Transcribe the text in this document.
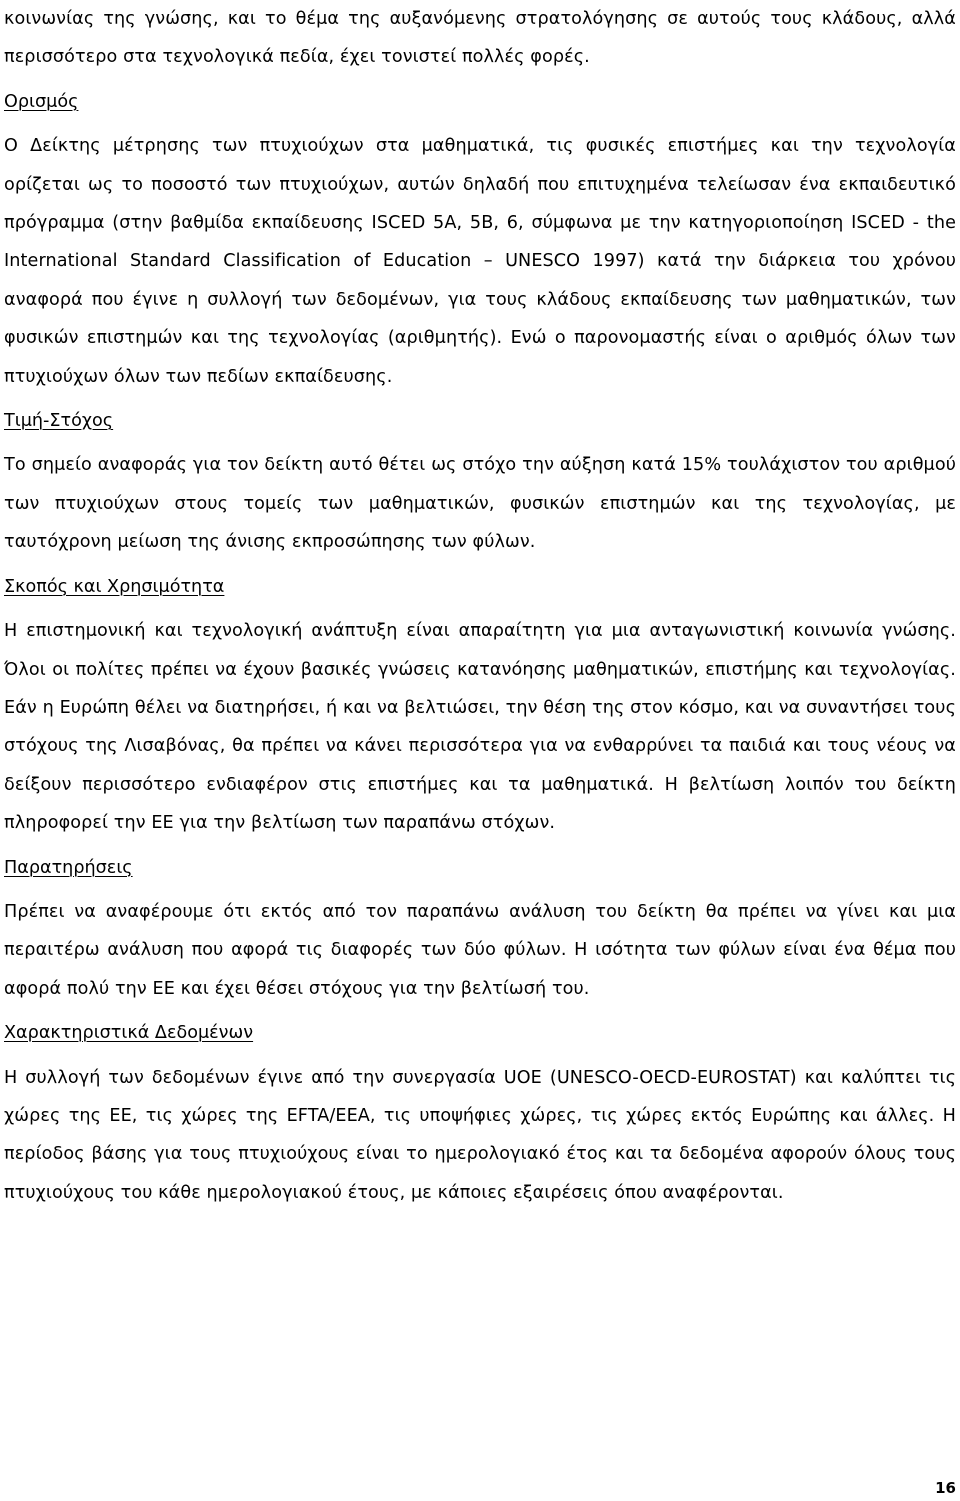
κοινωνίας της γνώσης, και το θέμα της αυξανόμενης στρατολόγησης σε αυτούς τους κλάδους, αλλά περισσότερο στα τεχνολογικά πεδία, έχει τονιστεί πολλές φορές.

Ορισμός

Ο Δείκτης μέτρησης των πτυχιούχων στα μαθηματικά, τις φυσικές επιστήμες και την τεχνολογία ορίζεται ως το ποσοστό των πτυχιούχων, αυτών δηλαδή που επιτυχημένα τελείωσαν ένα εκπαιδευτικό πρόγραμμα (στην βαθμίδα εκπαίδευσης ISCED 5A, 5B, 6, σύμφωνα με την κατηγοριοποίηση ISCED - the International Standard Classification of Education – UNESCO 1997) κατά την διάρκεια του χρόνου αναφορά που έγινε η συλλογή των δεδομένων, για τους κλάδους εκπαίδευσης των μαθηματικών, των φυσικών επιστημών και της τεχνολογίας (αριθμητής). Ενώ ο παρονομαστής είναι ο αριθμός όλων των πτυχιούχων όλων των πεδίων εκπαίδευσης.

Τιμή-Στόχος

Το σημείο αναφοράς για τον δείκτη αυτό θέτει ως στόχο την αύξηση κατά 15% τουλάχιστον του αριθμού των πτυχιούχων στους τομείς των μαθηματικών, φυσικών επιστημών και της τεχνολογίας, με ταυτόχρονη μείωση της άνισης εκπροσώπησης των φύλων.

Σκοπός και Χρησιμότητα

Η επιστημονική και τεχνολογική ανάπτυξη είναι απαραίτητη για μια ανταγωνιστική κοινωνία γνώσης. Όλοι οι πολίτες πρέπει να έχουν βασικές γνώσεις κατανόησης μαθηματικών, επιστήμης και τεχνολογίας. Εάν η Ευρώπη θέλει να διατηρήσει, ή και να βελτιώσει, την θέση της στον κόσμο, και να συναντήσει τους στόχους της Λισαβόνας, θα πρέπει να κάνει περισσότερα για να ενθαρρύνει τα παιδιά και τους νέους να δείξουν περισσότερο ενδιαφέρον στις επιστήμες και τα μαθηματικά. Η βελτίωση λοιπόν του δείκτη πληροφορεί την ΕΕ για την βελτίωση των παραπάνω στόχων.

Παρατηρήσεις

Πρέπει να αναφέρουμε ότι εκτός από τον παραπάνω ανάλυση του δείκτη θα πρέπει να γίνει και μια περαιτέρω ανάλυση που αφορά τις διαφορές των δύο φύλων. Η ισότητα των φύλων είναι ένα θέμα που αφορά πολύ την ΕΕ και έχει θέσει στόχους για την βελτίωσή του.

Χαρακτηριστικά Δεδομένων

Η συλλογή των δεδομένων έγινε από την συνεργασία UOE (UNESCO-OECD-EUROSTAT) και καλύπτει τις χώρες της ΕΕ, τις χώρες της EFTA/EEA, τις υποψήφιες χώρες, τις χώρες εκτός Ευρώπης και άλλες. Η περίοδος βάσης για τους πτυχιούχους είναι το ημερολογιακό έτος και τα δεδομένα αφορούν όλους τους πτυχιούχους του κάθε ημερολογιακού έτους, με κάποιες εξαιρέσεις όπου αναφέρονται.

16
